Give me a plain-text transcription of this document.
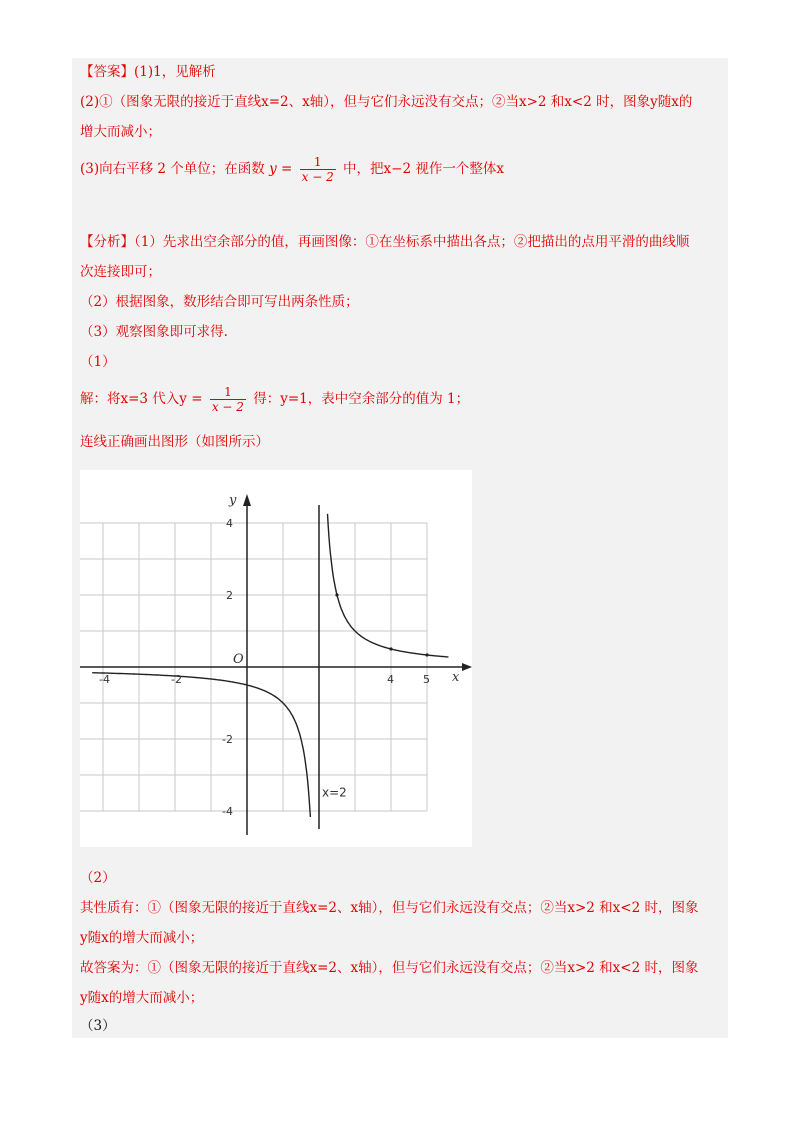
【答案】(1)1，见解析
(2)①（图象无限的接近于直线x=2、x轴），但与它们永远没有交点；②当x>2 和x<2 时，图象y随x的
增大而减小；
(3)向右平移 2 个单位；在函数 $y = \frac{1}{x - 2}$ 中，把x−2 视作一个整体x
【分析】（1）先求出空余部分的值，再画图像：①在坐标系中描出各点；②把描出的点用平滑的曲线顺
次连接即可；
（2）根据图象，数形结合即可写出两条性质；
（3）观察图象即可求得.
（1）
解：将x=3 代入$y = \frac{1}{x - 2}$ 得：y=1，表中空余部分的值为 1；
连线正确画出图形（如图所示）
-4	-2	4	5
4
2
-2
-4
y
x
O
x=2
（2）
其性质有：①（图象无限的接近于直线x=2、x轴），但与它们永远没有交点；②当x>2 和x<2 时，图象
y随x的增大而减小；
故答案为：①（图象无限的接近于直线x=2、x轴），但与它们永远没有交点；②当x>2 和x<2 时，图象
y随x的增大而减小；
（3）
